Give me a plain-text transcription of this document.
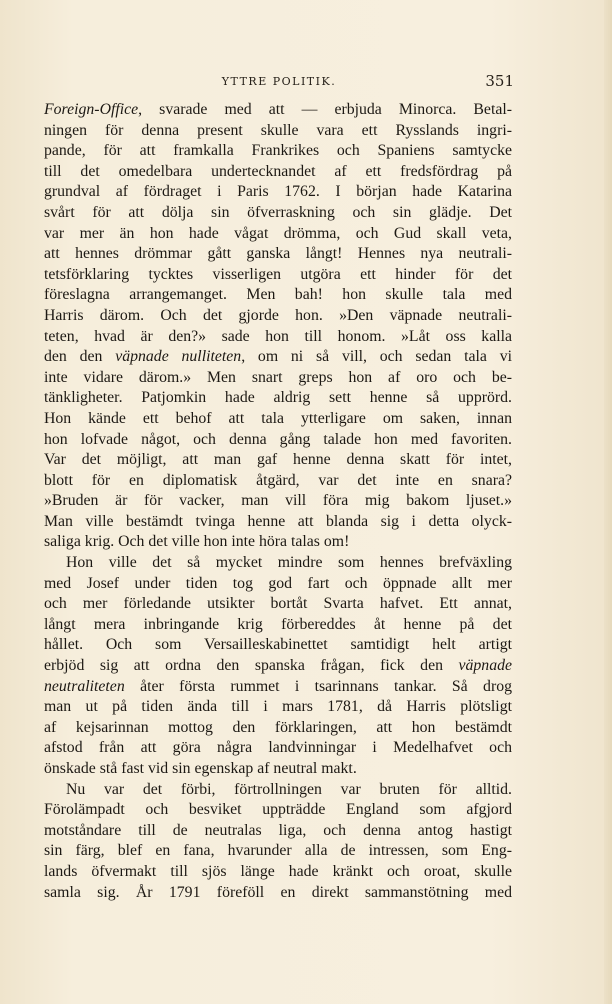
YTTRE POLITIK.	351
Foreign-Office, svarade med att — erbjuda Minorca. Betal-
ningen för denna present skulle vara ett Rysslands ingri-
pande, för att framkalla Frankrikes och Spaniens samtycke
till det omedelbara undertecknandet af ett fredsfördrag på
grundval af fördraget i Paris 1762. I början hade Katarina
svårt för att dölja sin öfverraskning och sin glädje. Det
var mer än hon hade vågat drömma, och Gud skall veta,
att hennes drömmar gått ganska långt! Hennes nya neutrali-
tetsförklaring tycktes visserligen utgöra ett hinder för det
föreslagna arrangemanget. Men bah! hon skulle tala med
Harris därom. Och det gjorde hon. »Den väpnade neutrali-
teten, hvad är den?» sade hon till honom. »Låt oss kalla
den den väpnade nulliteten, om ni så vill, och sedan tala vi
inte vidare därom.» Men snart greps hon af oro och be-
tänkligheter. Patjomkin hade aldrig sett henne så upprörd.
Hon kände ett behof att tala ytterligare om saken, innan
hon lofvade något, och denna gång talade hon med favoriten.
Var det möjligt, att man gaf henne denna skatt för intet,
blott för en diplomatisk åtgärd, var det inte en snara?
»Bruden är för vacker, man vill föra mig bakom ljuset.»
Man ville bestämdt tvinga henne att blanda sig i detta olyck-
saliga krig. Och det ville hon inte höra talas om!
Hon ville det så mycket mindre som hennes brefväxling
med Josef under tiden tog god fart och öppnade allt mer
och mer förledande utsikter bortåt Svarta hafvet. Ett annat,
långt mera inbringande krig förbereddes åt henne på det
hållet. Och som Versailleskabinettet samtidigt helt artigt
erbjöd sig att ordna den spanska frågan, fick den väpnade
neutraliteten åter första rummet i tsarinnans tankar. Så drog
man ut på tiden ända till i mars 1781, då Harris plötsligt
af kejsarinnan mottog den förklaringen, att hon bestämdt
afstod från att göra några landvinningar i Medelhafvet och
önskade stå fast vid sin egenskap af neutral makt.
Nu var det förbi, förtrollningen var bruten för alltid.
Förolämpadt och besviket uppträdde England som afgjord
motståndare till de neutralas liga, och denna antog hastigt
sin färg, blef en fana, hvarunder alla de intressen, som Eng-
lands öfvermakt till sjös länge hade kränkt och oroat, skulle
samla sig. År 1791 föreföll en direkt sammanstötning med
